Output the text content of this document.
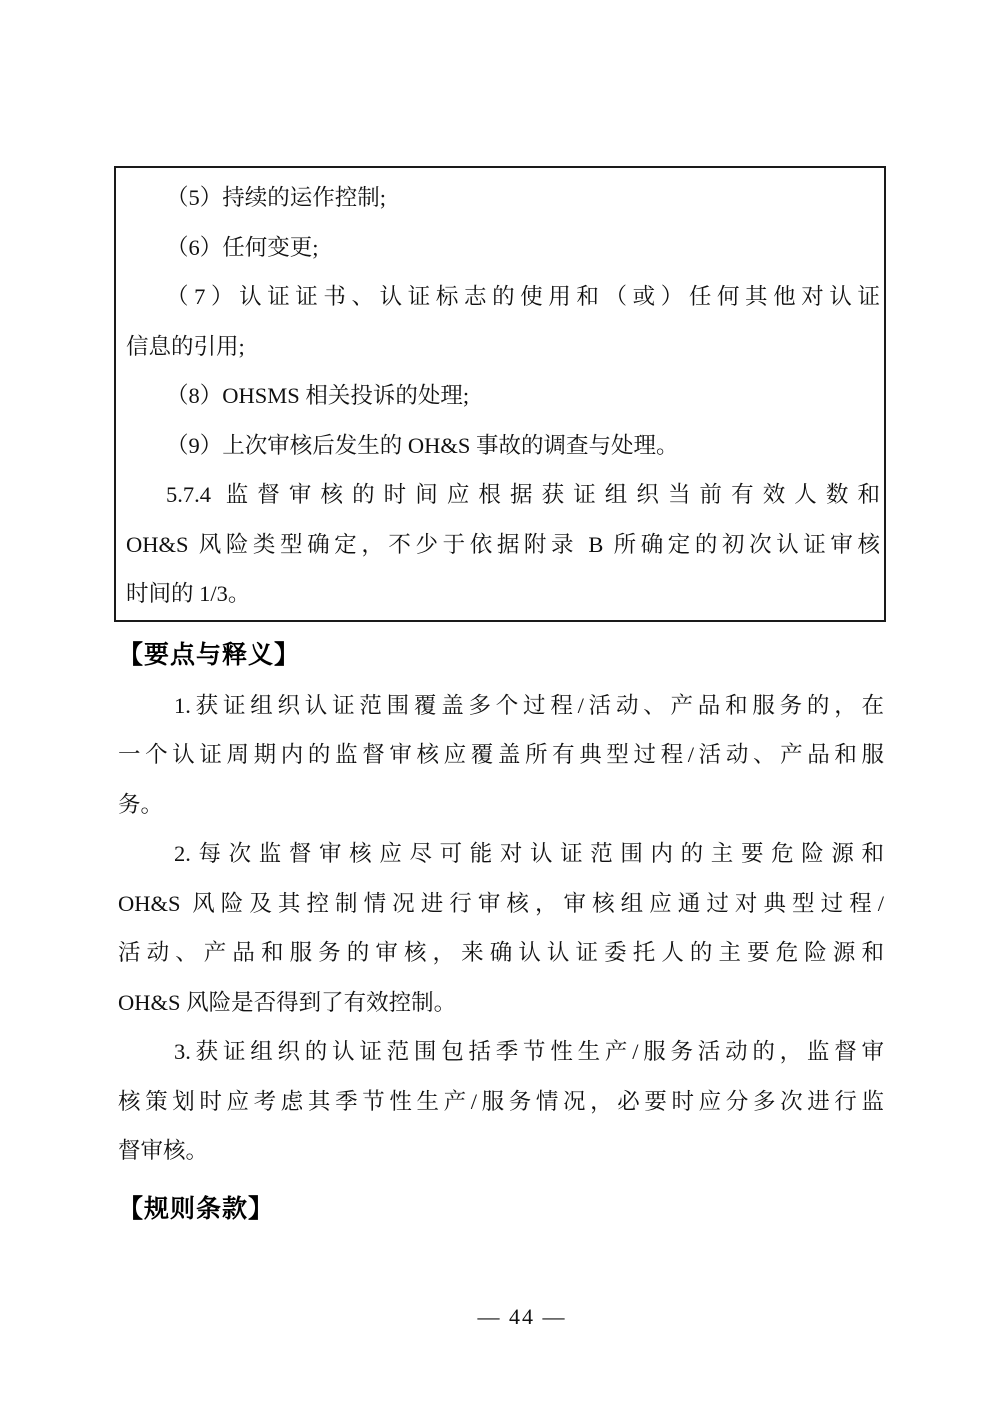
（5）持续的运作控制;
（6）任何变更;
（7）认证证书、认证标志的使用和（或）任何其他对认证
信息的引用;
（8）OHSMS 相关投诉的处理;
（9）上次审核后发生的 OH&S 事故的调查与处理。
5.7.4 监督审核的时间应根据获证组织当前有效人数和
OH&S 风险类型确定，不少于依据附录 B 所确定的初次认证审核
时间的 1/3。
【要点与释义】
1.获证组织认证范围覆盖多个过程/活动、产品和服务的，在
一个认证周期内的监督审核应覆盖所有典型过程/活动、产品和服
务。
2.每次监督审核应尽可能对认证范围内的主要危险源和
OH&S 风险及其控制情况进行审核，审核组应通过对典型过程/
活动、产品和服务的审核，来确认认证委托人的主要危险源和
OH&S 风险是否得到了有效控制。
3.获证组织的认证范围包括季节性生产/服务活动的，监督审
核策划时应考虑其季节性生产/服务情况，必要时应分多次进行监
督审核。
【规则条款】
— 44 —
